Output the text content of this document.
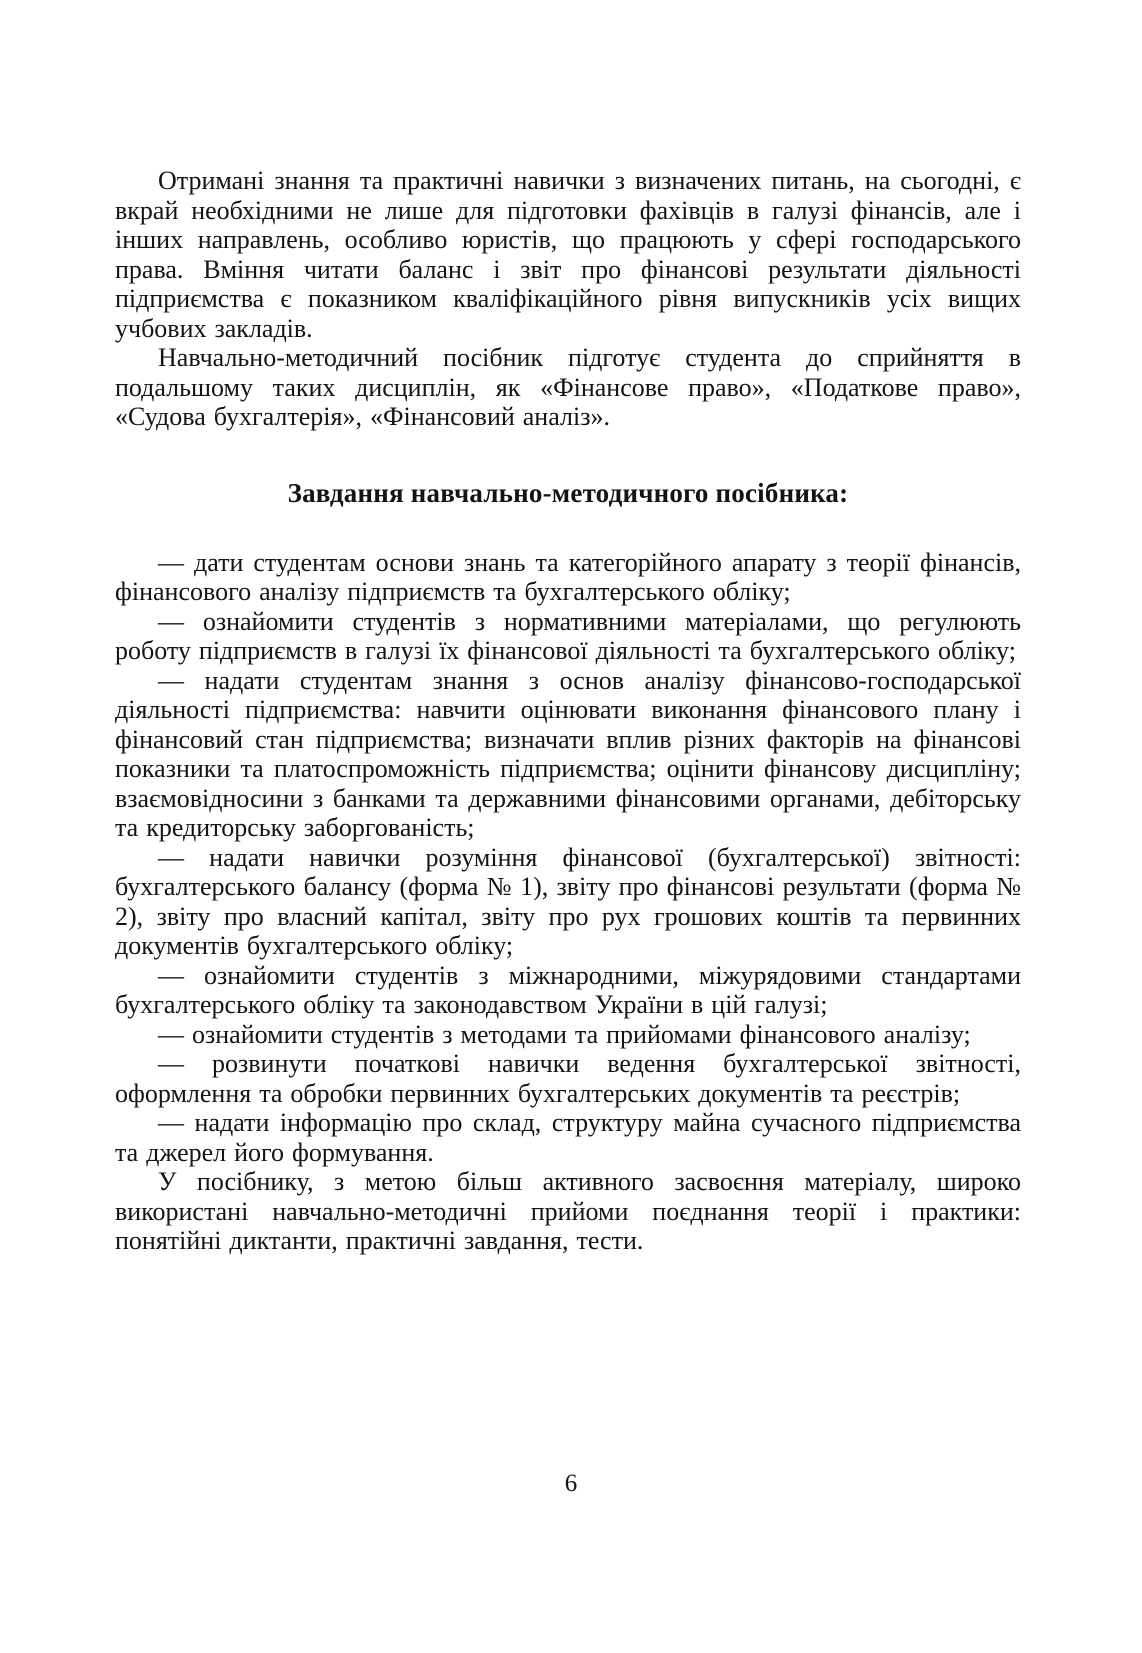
Отримані знання та практичні навички з визначених питань, на сьогодні, є вкрай необхідними не лише для підготовки фахівців в галузі фінансів, але і інших направлень, особливо юристів, що працюють у сфері господарського права. Вміння читати баланс і звіт про фінансові результати діяльності підприємства є показником кваліфікаційного рівня випускників усіх вищих учбових закладів.

Навчально-методичний посібник підготує студента до сприйняття в подальшому таких дисциплін, як «Фінансове право», «Податкове право», «Судова бухгалтерія», «Фінансовий аналіз».

Завдання навчально-методичного посібника:

— дати студентам основи знань та категорійного апарату з теорії фінансів, фінансового аналізу підприємств та бухгалтерського обліку;

— ознайомити студентів з нормативними матеріалами, що регулюють роботу підприємств в галузі їх фінансової діяльності та бухгалтерського обліку;

— надати студентам знання з основ аналізу фінансово-господарської діяльності підприємства: навчити оцінювати виконання фінансового плану і фінансовий стан підприємства; визначати вплив різних факторів на фінансові показники та платоспроможність підприємства; оцінити фінансову дисципліну; взаємовідносини з банками та державними фінансовими органами, дебіторську та кредиторську заборгованість;

— надати навички розуміння фінансової (бухгалтерської) звітності: бухгалтерського балансу (форма № 1), звіту про фінансові результати (форма № 2), звіту про власний капітал, звіту про рух грошових коштів та первинних документів бухгалтерського обліку;

— ознайомити студентів з міжнародними, міжурядовими стандартами бухгалтерського обліку та законодавством України в цій галузі;

— ознайомити студентів з методами та прийомами фінансового аналізу;

— розвинути початкові навички ведення бухгалтерської звітності, оформлення та обробки первинних бухгалтерських документів та реєстрів;

— надати інформацію про склад, структуру майна сучасного підприємства та джерел його формування.

У посібнику, з метою більш активного засвоєння матеріалу, широко використані навчально-методичні прийоми поєднання теорії і практики: понятійні диктанти, практичні завдання, тести.

6
